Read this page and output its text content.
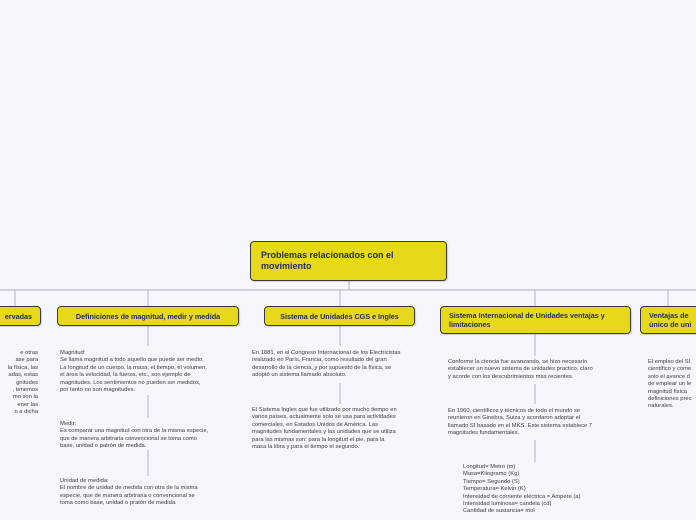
Problemas relacionados con el movimiento
ervadas	Definiciones de magnitud, medir y medida	Sistema de Unidades CGS e Ingles	Sistema Internacional de Unidades ventajas y limitaciones
Ventajas de
único de uni
e otras
ase para
la física, las
adas, estas
gnitudes
, tenemos
mo son la
ener las
n a dicha
Magnitud:
Se llama magnitud a todo aquello que puede ser medio.
La longitud de un cuerpo, la masa, el tiempo, el volumen,
el área la velocidad, la fuerza, etc., son ejemplo de
magnitudes. Los sentimientos no pueden ser medidos,
por tanto no son magnitudes.
Medir:
Es comparar una magnitud con otra de la misma especie,
que de manera arbitraria convencional se toma como
base, unidad o patrón de medida.
Unidad de medida:
El nombre de unidad de medida con otra de la misma
especie, que de manera arbitraria o convencional se
toma como base, unidad o pratón de medida.
En 1881, en el Congreso Internacional de los Electricistas
realizado en París, Francia, como resultado del gran
desarrollo de la ciencia, y por supuesto de la física, se
adoptó un sistema llamado absoluto.
El Sistema Ingles que fue utilizado por mucho tiempo en
varios países, actualmente solo se usa para actividades
comerciales, en Estados Unidos de América. Las
magnitudes fundamentales y las unidades que se utiliza
para las mismas son: para la longitud el pie, para la
masa la libra y para el tiempo el segundo.
Conforme la ciencia fue avanzando, se hizo necesario
establecer un nuevo sistema de unidades practico, claro
y acorde con los descubrimientos mas recientes.
En 1960, científicos y técnicos de todo el mundo se
reunieron en Ginebra, Suiza y acordaron adoptar el
llamado SI basado en el MKS. Este sistema establece 7
magnitudes fundamentales.
Longitud= Metro (m)
Masa=Kilogramo (Kg)
Tiempo= Segundo (S)
Temperatura= Kelvin (K)
Intensidad de corriente eléctrica = Ampere (a)
Intensidad luminosa= candela (cd)
Cantidad de sustancia= mol
El empleo del SI
científico y come
solo el avance d
de emplear un le
magnitud física
definiciones prec
naturales.
